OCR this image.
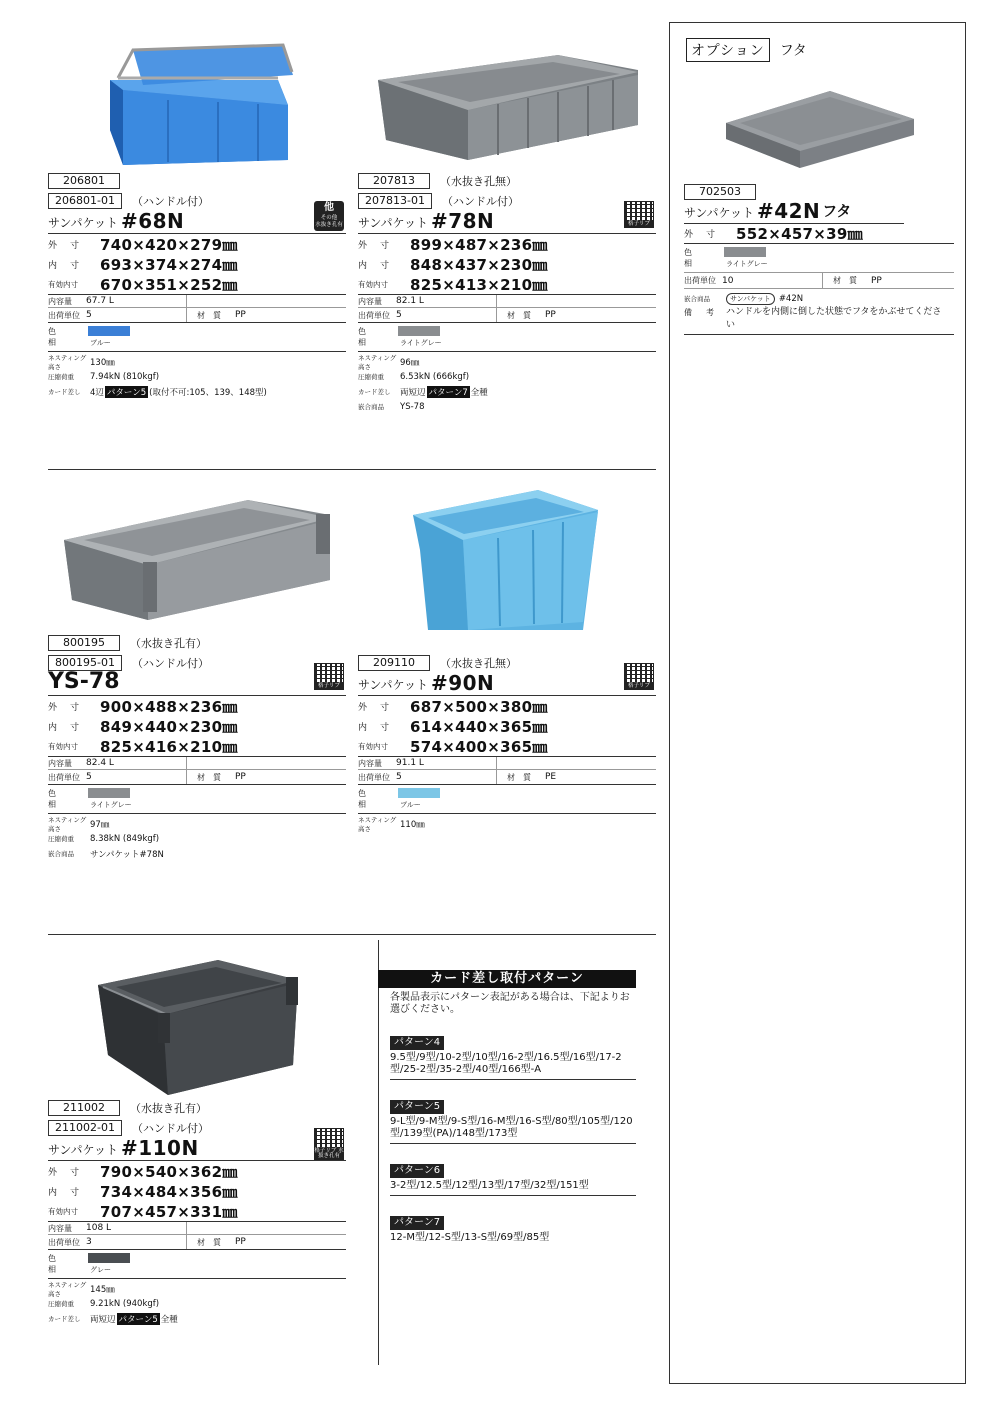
206801
206801-01	（ハンドル付）
サンパケット #68N
他
その他
水抜き孔有
外　寸	740×420×279㎜
内　寸	693×374×274㎜
有効内寸	670×351×252㎜
内容量	67.7 L
出荷単位 5	材　質	PP
色　相	ブルー
ネスティング高さ	130㎜
圧縮荷重	7.94kN (810kgf)
カード差し	4辺 パターン5 (取付不可:105、139、148型)
207813	（水抜き孔無）
207813-01	（ハンドル付）
サンパケット #78N	格子リブ
外　寸	899×487×236㎜
内　寸	848×437×230㎜
有効内寸	825×413×210㎜
内容量	82.1 L
出荷単位 5	材　質	PP
色　相	ライトグレー
ネスティング高さ	96㎜
圧縮荷重	6.53kN (666kgf)
カード差し	両短辺 パターン7 全種
嵌合商品	YS-78
800195	（水抜き孔有）
800195-01	（ハンドル付）
YS-78	格子リブ
外　寸	900×488×236㎜
内　寸	849×440×230㎜
有効内寸	825×416×210㎜
内容量	82.4 L
出荷単位 5	材　質	PP
色　相	ライトグレー
ネスティング高さ	97㎜
圧縮荷重	8.38kN (849kgf)
嵌合商品	サンパケット#78N
209110	（水抜き孔無）
サンパケット #90N	格子リブ
外　寸	687×500×380㎜
内　寸	614×440×365㎜
有効内寸	574×400×365㎜
内容量	91.1 L
出荷単位 5	材　質	PE
色　相	ブルー
ネスティング高さ	110㎜
211002	（水抜き孔有）
211002-01	（ハンドル付）
サンパケット #110N	格子リブ 水抜き孔有
外　寸	790×540×362㎜
内　寸	734×484×356㎜
有効内寸	707×457×331㎜
内容量	108 L
出荷単位 3	材　質	PP
色　相	グレー
ネスティング高さ	145㎜
圧縮荷重	9.21kN (940kgf)
カード差し	両短辺 パターン5 全種
オプション	フタ
702503
サンパケット #42N フタ
外　寸	552×457×39㎜
色　相	ライトグレー
出荷単位 10	材　質	PP
嵌合商品	サンパケット #42N
備　考	ハンドルを内側に倒した状態でフタをかぶせてください
カード差し取付パターン
各製品表示にパターン表記がある場合は、下記よりお選びください。
パターン4
9.5型/9型/10-2型/10型/16-2型/16.5型/16型/17-2型/25-2型/35-2型/40型/166型-A
パターン5
9-L型/9-M型/9-S型/16-M型/16-S型/80型/105型/120型/139型(PA)/148型/173型
パターン6
3-2型/12.5型/12型/13型/17型/32型/151型
パターン7
12-M型/12-S型/13-S型/69型/85型
